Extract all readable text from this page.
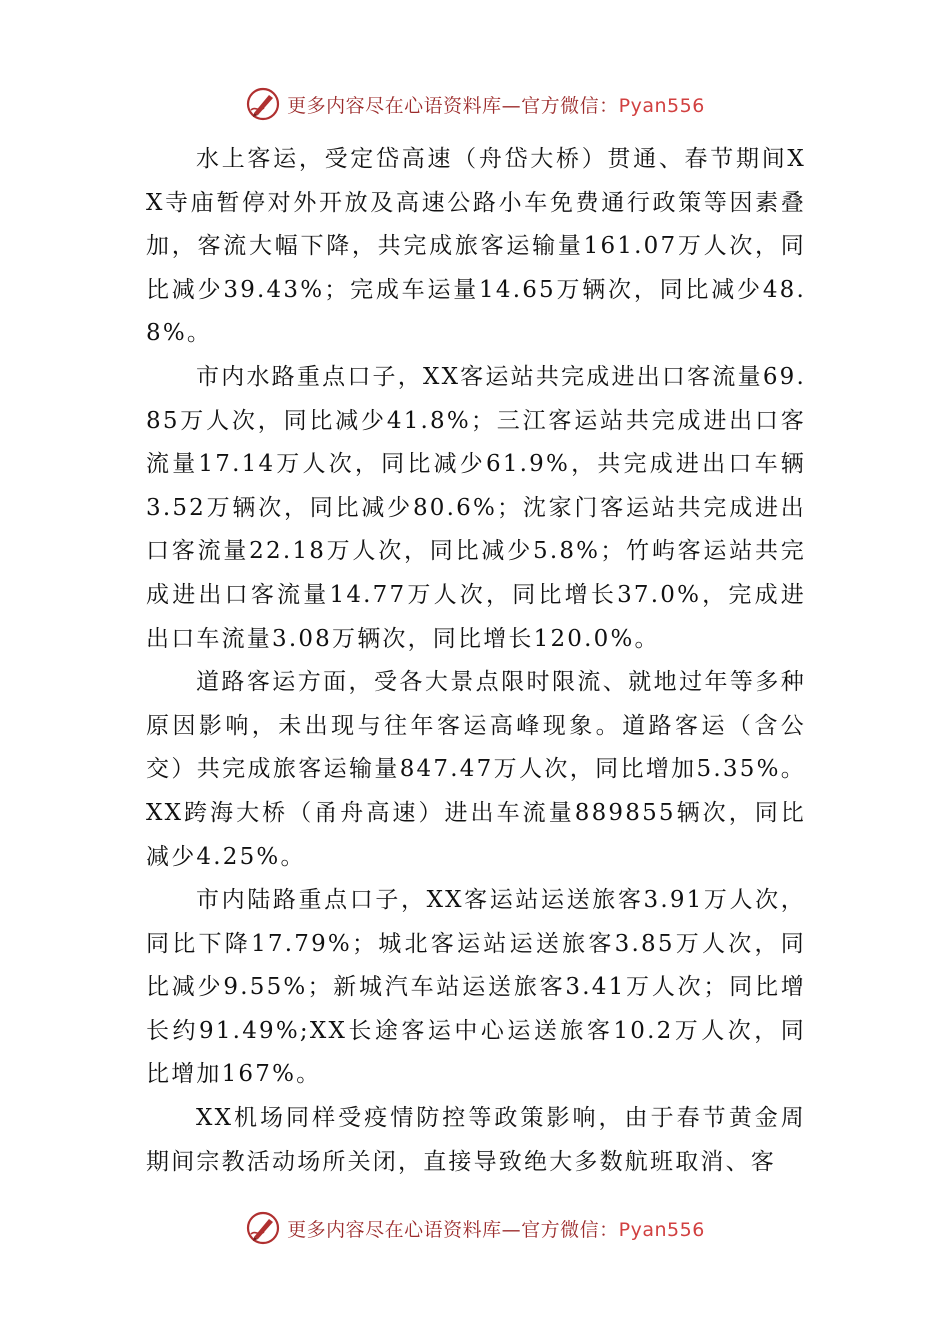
更多内容尽在心语资料库—官方微信：Pyan556

水上客运，受定岱高速（舟岱大桥）贯通、春节期间XX寺庙暂停对外开放及高速公路小车免费通行政策等因素叠加，客流大幅下降，共完成旅客运输量161.07万人次，同比减少39.43%；完成车运量14.65万辆次，同比减少48.8%。

市内水路重点口子，XX客运站共完成进出口客流量69.85万人次，同比减少41.8%；三江客运站共完成进出口客流量17.14万人次，同比减少61.9%，共完成进出口车辆3.52万辆次，同比减少80.6%；沈家门客运站共完成进出口客流量22.18万人次，同比减少5.8%；竹屿客运站共完成进出口客流量14.77万人次，同比增长37.0%，完成进出口车流量3.08万辆次，同比增长120.0%。

道路客运方面，受各大景点限时限流、就地过年等多种原因影响，未出现与往年客运高峰现象。道路客运（含公交）共完成旅客运输量847.47万人次，同比增加5.35%。XX跨海大桥（甬舟高速）进出车流量889855辆次，同比减少4.25%。

市内陆路重点口子，XX客运站运送旅客3.91万人次，同比下降17.79%；城北客运站运送旅客3.85万人次，同比减少9.55%；新城汽车站运送旅客3.41万人次；同比增长约91.49%;XX长途客运中心运送旅客10.2万人次，同比增加167%。

XX机场同样受疫情防控等政策影响，由于春节黄金周期间宗教活动场所关闭，直接导致绝大多数航班取消、客

更多内容尽在心语资料库—官方微信：Pyan556
